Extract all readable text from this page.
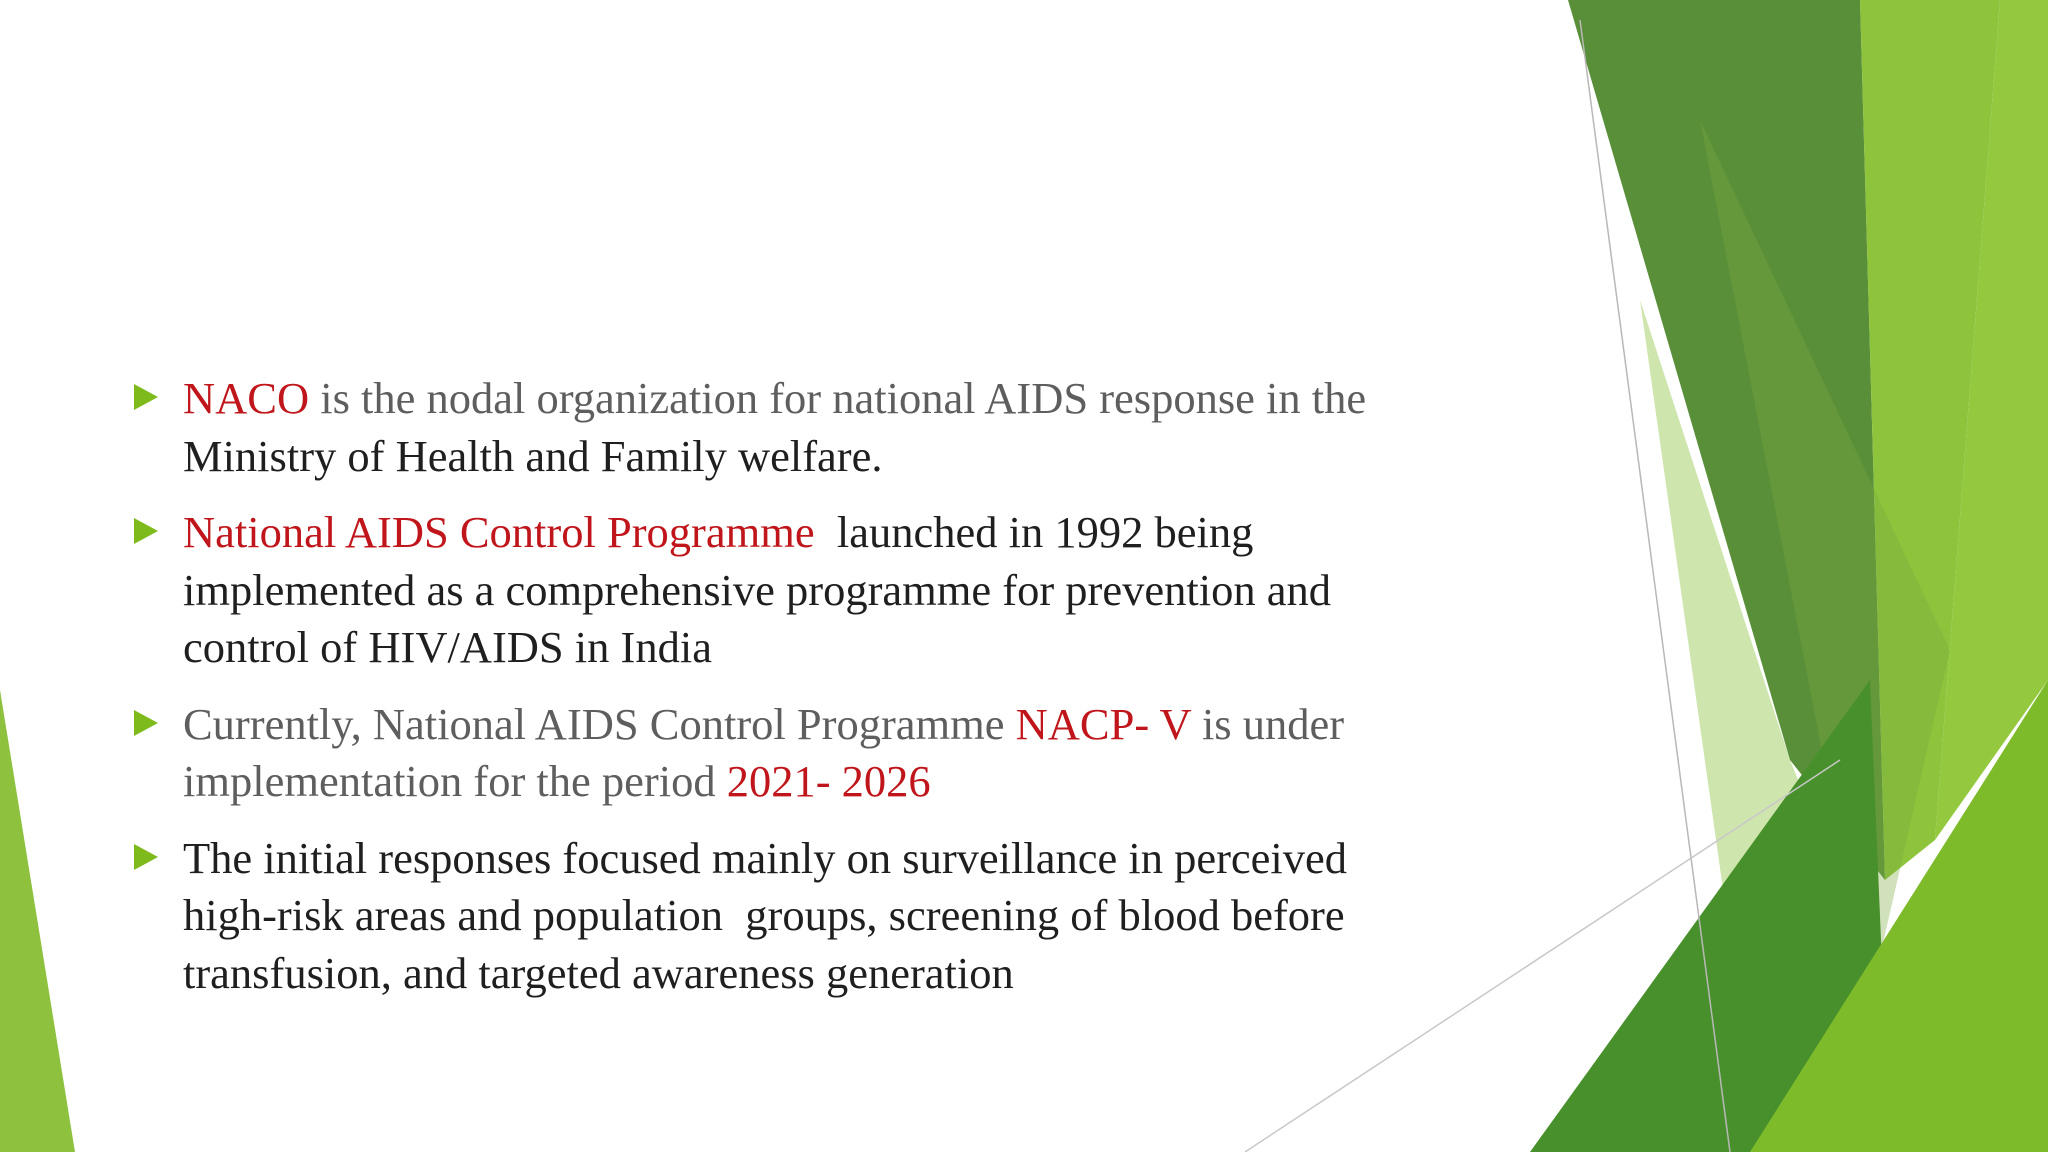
NACO is the nodal organization for national AIDS response in the
Ministry of Health and Family welfare.
National AIDS Control Programme  launched in 1992 being
implemented as a comprehensive programme for prevention and
control of HIV/AIDS in India
Currently, National AIDS Control Programme NACP- V is under
implementation for the period 2021- 2026
The initial responses focused mainly on surveillance in perceived
high-risk areas and population  groups, screening of blood before
transfusion, and targeted awareness generation
